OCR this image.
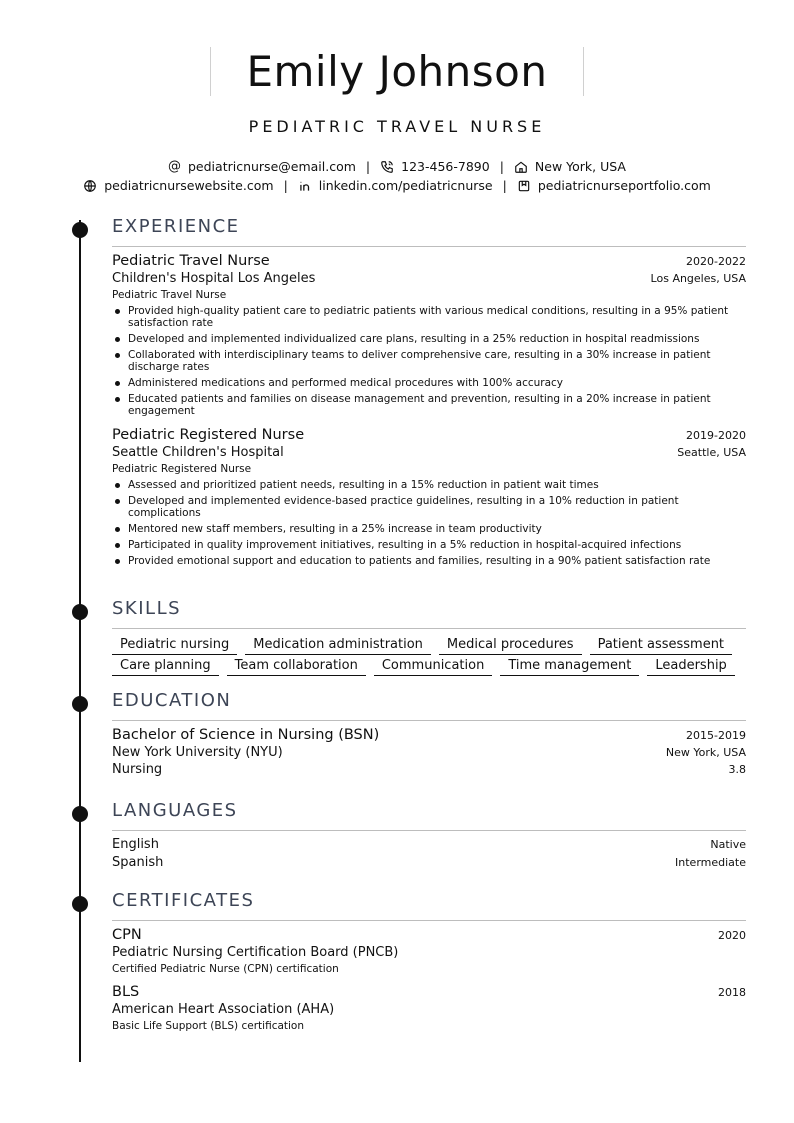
Emily Johnson
PEDIATRIC TRAVEL NURSE
@ pediatricnurse@email.com | 123-456-7890 | New York, USA
pediatricnursewebsite.com | linkedin.com/pediatricnurse | pediatricnurseportfolio.com
EXPERIENCE
Pediatric Travel Nurse	2020-2022
Children's Hospital Los Angeles	Los Angeles, USA
Pediatric Travel Nurse
Provided high-quality patient care to pediatric patients with various medical conditions, resulting in a 95% patient satisfaction rate
Developed and implemented individualized care plans, resulting in a 25% reduction in hospital readmissions
Collaborated with interdisciplinary teams to deliver comprehensive care, resulting in a 30% increase in patient discharge rates
Administered medications and performed medical procedures with 100% accuracy
Educated patients and families on disease management and prevention, resulting in a 20% increase in patient engagement
Pediatric Registered Nurse	2019-2020
Seattle Children's Hospital	Seattle, USA
Pediatric Registered Nurse
Assessed and prioritized patient needs, resulting in a 15% reduction in patient wait times
Developed and implemented evidence-based practice guidelines, resulting in a 10% reduction in patient complications
Mentored new staff members, resulting in a 25% increase in team productivity
Participated in quality improvement initiatives, resulting in a 5% reduction in hospital-acquired infections
Provided emotional support and education to patients and families, resulting in a 90% patient satisfaction rate
SKILLS
Pediatric nursing	Medication administration	Medical procedures	Patient assessment
Care planning	Team collaboration	Communication	Time management	Leadership
EDUCATION
Bachelor of Science in Nursing (BSN)	2015-2019
New York University (NYU)	New York, USA
Nursing	3.8
LANGUAGES
English	Native
Spanish	Intermediate
CERTIFICATES
CPN	2020
Pediatric Nursing Certification Board (PNCB)
Certified Pediatric Nurse (CPN) certification
BLS	2018
American Heart Association (AHA)
Basic Life Support (BLS) certification
